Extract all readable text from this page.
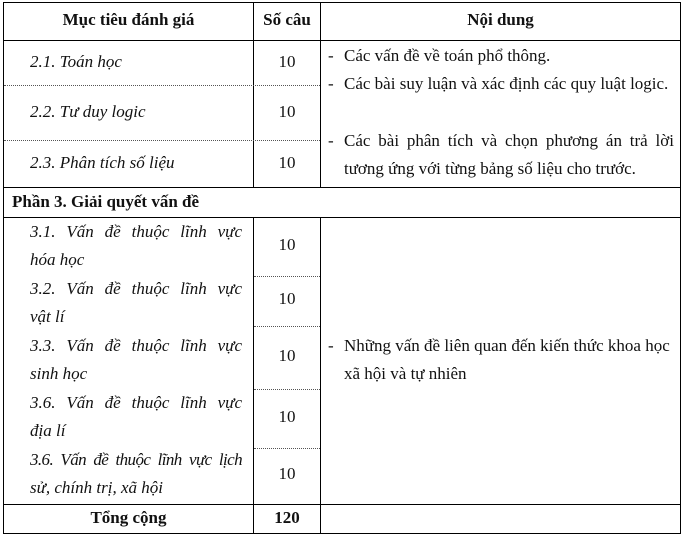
Mục tiêu đánh giá	Số câu	Nội dung
2.1. Toán học	10
2.2. Tư duy logic	10
2.3. Phân tích số liệu	10
- Các vấn đề về toán phổ thông.
- Các bài suy luận và xác định các quy luật logic.
- Các bài phân tích và chọn phương án trả lời tương ứng với từng bảng số liệu cho trước.
Phần 3. Giải quyết vấn đề
3.1. Vấn đề thuộc lĩnh vực
hóa học
10
3.2. Vấn đề thuộc lĩnh vực
vật lí
10
3.3. Vấn đề thuộc lĩnh vực
sinh học
10
3.6. Vấn đề thuộc lĩnh vực
địa lí
10
3.6. Vấn đề thuộc lĩnh vực lịch
sử, chính trị, xã hội
10
- Những vấn đề liên quan đến kiến thức khoa học xã hội và tự nhiên
Tổng cộng	120
